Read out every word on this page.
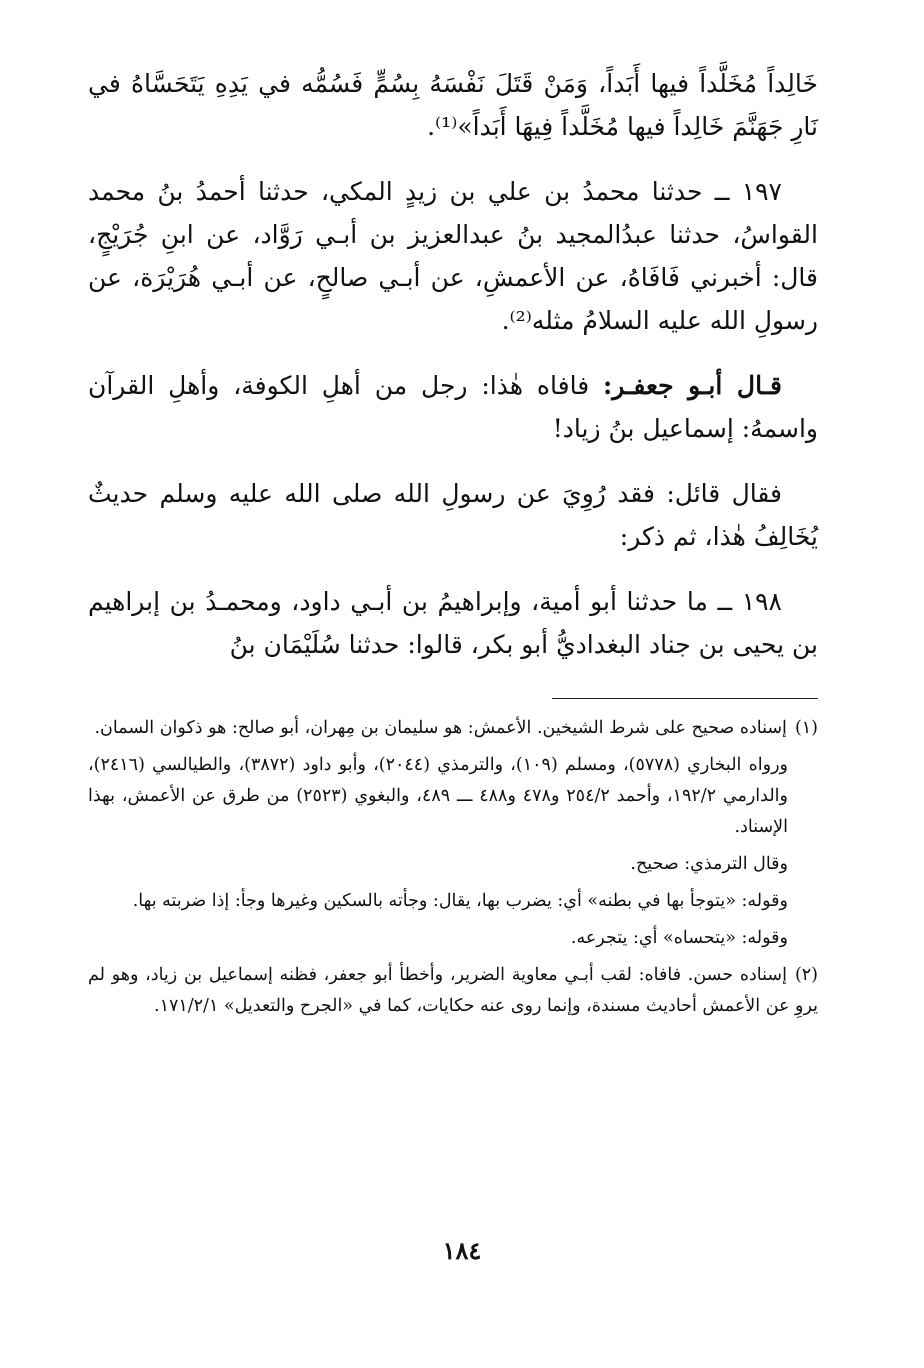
خَالِداً مُخَلَّداً فيها أَبَداً، وَمَنْ قَتَلَ نَفْسَهُ بِسُمٍّ فَسُمُّه في يَدِهِ يَتَحَسَّاهُ في نَارِ جَهَنَّمَ خَالِداً فيها مُخَلَّداً فِيهَا أَبَداً»⁽¹⁾.

١٩٧ ــ حدثنا محمدُ بن علي بن زيدٍ المكي، حدثنا أحمدُ بنُ محمد القواسُ، حدثنا عبدُالمجيد بنُ عبدالعزيز بن أبـي رَوَّاد، عن ابنِ جُرَيْجٍ، قال: أخبرني فَافَاهُ، عن الأعمشِ، عن أبـي صالحٍ، عن أبـي هُرَيْرَة، عن رسولِ الله عليه السلامُ مثله⁽²⁾.

قـال أبـو جعفـر: فافاه هٰذا: رجل من أهلِ الكوفة، وأهلِ القرآن واسمهُ: إسماعيل بنُ زياد!

فقال قائل: فقد رُوِيَ عن رسولِ الله صلى الله عليه وسلم حديثٌ يُخَالِفُ هٰذا، ثم ذكر:

١٩٨ ــ ما حدثنا أبو أمية، وإبراهيمُ بن أبـي داود، ومحمـدُ بن إبراهيم بن يحيى بن جناد البغداديُّ أبو بكر، قالوا: حدثنا سُلَيْمَان بنُ

(١)إسناده صحيح على شرط الشيخين. الأعمش: هو سليمان بن مِهران، أبو صالح: هو ذكوان السمان.

ورواه البخاري (٥٧٧٨)، ومسلم (١٠٩)، والترمذي (٢٠٤٤)، وأبو داود (٣٨٧٢)، والطيالسي (٢٤١٦)، والدارمي ١٩٢/٢، وأحمد ٢٥٤/٢ و٤٧٨ و٤٨٨ ـــ ٤٨٩، والبغوي (٢٥٢٣) من طرق عن الأعمش، بهذا الإسناد.

وقال الترمذي: صحيح.

وقوله: «يتوجأ بها في بطنه» أي: يضرب بها، يقال: وجأته بالسكين وغيرها وجأ: إذا ضربته بها.

وقوله: «يتحساه» أي: يتجرعه.

(٢)إسناده حسن. فافاه: لقب أبـي معاوية الضرير، وأخطأ أبو جعفر، فظنه إسماعيل بن زياد، وهو لم يروِ عن الأعمش أحاديث مسندة، وإنما روى عنه حكايات، كما في «الجرح والتعديل» ١٧١/٢/١.

١٨٤
